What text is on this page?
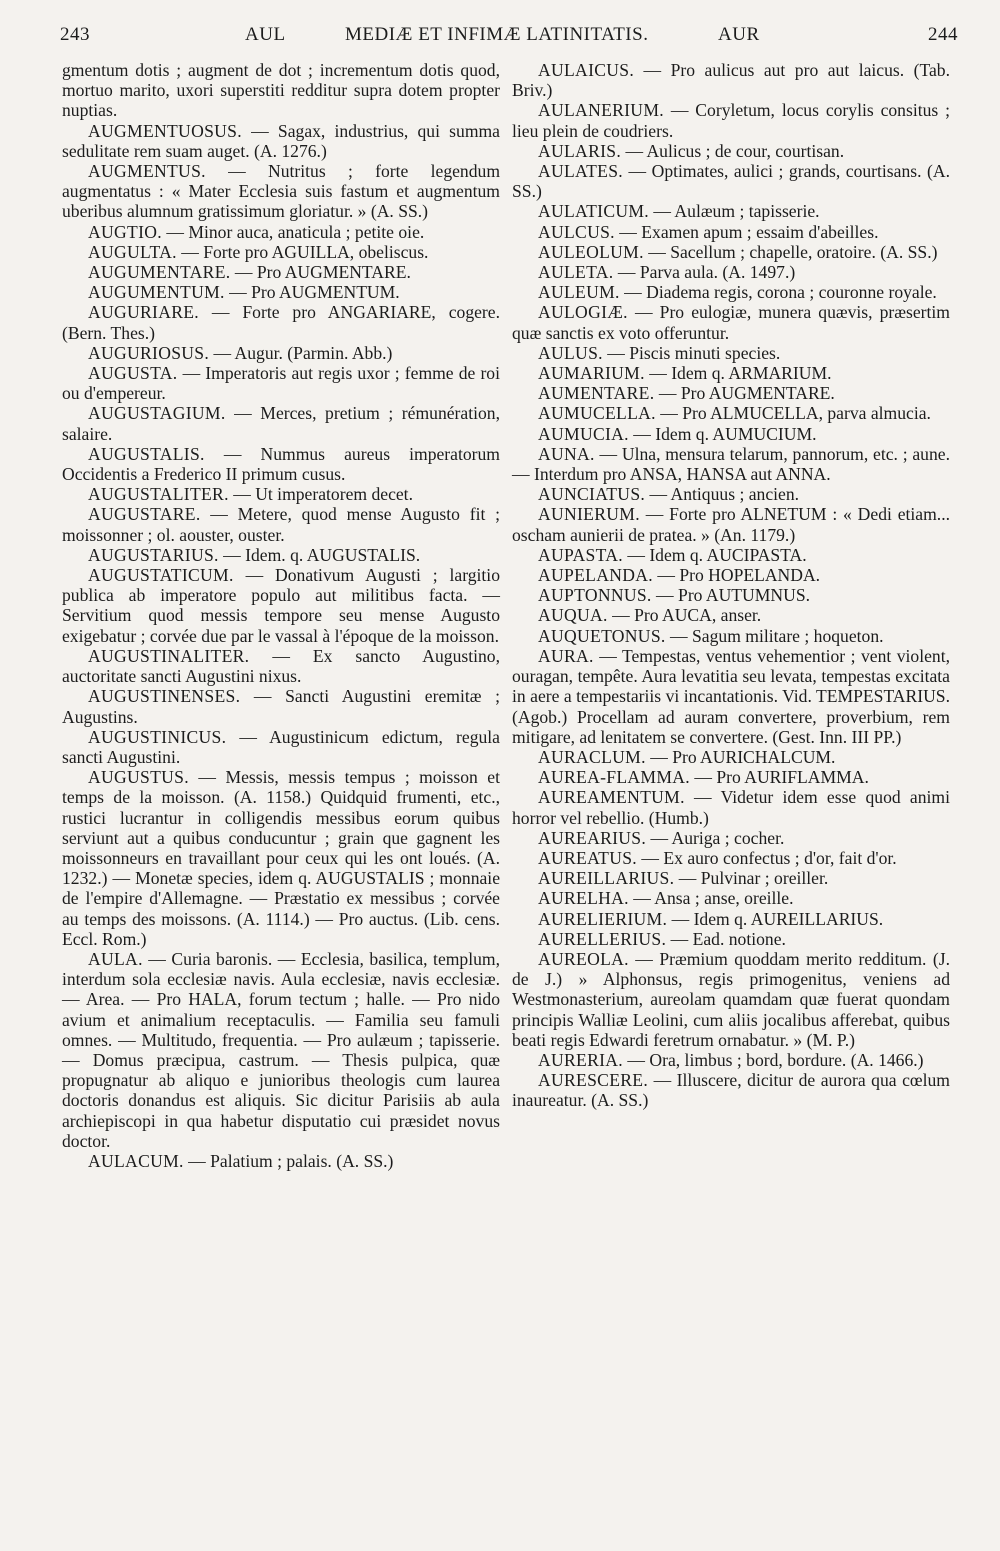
243	AUL	MEDIÆ ET INFIMÆ LATINITATIS.	AUR	244

gmentum dotis ; augment de dot ; incrementum dotis quod, mortuo marito, uxori superstiti redditur supra dotem propter nuptias.

AUGMENTUOSUS. — Sagax, industrius, qui summa sedulitate rem suam auget. (A. 1276.)

AUGMENTUS. — Nutritus ; forte legendum augmentatus : « Mater Ecclesia suis fastum et augmentum uberibus alumnum gratissimum gloriatur. » (A. SS.)

AUGTIO. — Minor auca, anaticula ; petite oie.

AUGULTA. — Forte pro AGUILLA, obeliscus.

AUGUMENTARE. — Pro AUGMENTARE.

AUGUMENTUM. — Pro AUGMENTUM.

AUGURIARE. — Forte pro ANGARIARE, cogere. (Bern. Thes.)

AUGURIOSUS. — Augur. (Parmin. Abb.)

AUGUSTA. — Imperatoris aut regis uxor ; femme de roi ou d'empereur.

AUGUSTAGIUM. — Merces, pretium ; rémunération, salaire.

AUGUSTALIS. — Nummus aureus imperatorum Occidentis a Frederico II primum cusus.

AUGUSTALITER. — Ut imperatorem decet.

AUGUSTARE. — Metere, quod mense Augusto fit ; moissonner ; ol. aouster, ouster.

AUGUSTARIUS. — Idem. q. AUGUSTALIS.

AUGUSTATICUM. — Donativum Augusti ; largitio publica ab imperatore populo aut militibus facta. — Servitium quod messis tempore seu mense Augusto exigebatur ; corvée due par le vassal à l'époque de la moisson.

AUGUSTINALITER. — Ex sancto Augustino, auctoritate sancti Augustini nixus.

AUGUSTINENSES. — Sancti Augustini eremitæ ; Augustins.

AUGUSTINICUS. — Augustinicum edictum, regula sancti Augustini.

AUGUSTUS. — Messis, messis tempus ; moisson et temps de la moisson. (A. 1158.) Quidquid frumenti, etc., rustici lucrantur in colligendis messibus eorum quibus serviunt aut a quibus conducuntur ; grain que gagnent les moissonneurs en travaillant pour ceux qui les ont loués. (A. 1232.) — Monetæ species, idem q. AUGUSTALIS ; monnaie de l'empire d'Allemagne. — Præstatio ex messibus ; corvée au temps des moissons. (A. 1114.) — Pro auctus. (Lib. cens. Eccl. Rom.)

AULA. — Curia baronis. — Ecclesia, basilica, templum, interdum sola ecclesiæ navis. Aula ecclesiæ, navis ecclesiæ. — Area. — Pro HALA, forum tectum ; halle. — Pro nido avium et animalium receptaculis. — Familia seu famuli omnes. — Multitudo, frequentia. — Pro aulæum ; tapisserie. — Domus præcipua, castrum. — Thesis pulpica, quæ propugnatur ab aliquo e junioribus theologis cum laurea doctoris donandus est aliquis. Sic dicitur Parisiis ab aula archiepiscopi in qua habetur disputatio cui præsidet novus doctor.

AULACUM. — Palatium ; palais. (A. SS.)

AULAICUS. — Pro aulicus aut pro aut laicus. (Tab. Briv.)

AULANERIUM. — Coryletum, locus corylis consitus ; lieu plein de coudriers.

AULARIS. — Aulicus ; de cour, courtisan.

AULATES. — Optimates, aulici ; grands, courtisans. (A. SS.)

AULATICUM. — Aulæum ; tapisserie.

AULCUS. — Examen apum ; essaim d'abeilles.

AULEOLUM. — Sacellum ; chapelle, oratoire. (A. SS.)

AULETA. — Parva aula. (A. 1497.)

AULEUM. — Diadema regis, corona ; couronne royale.

AULOGIÆ. — Pro eulogiæ, munera quævis, præsertim quæ sanctis ex voto offeruntur.

AULUS. — Piscis minuti species.

AUMARIUM. — Idem q. ARMARIUM.

AUMENTARE. — Pro AUGMENTARE.

AUMUCELLA. — Pro ALMUCELLA, parva almucia.

AUMUCIA. — Idem q. AUMUCIUM.

AUNA. — Ulna, mensura telarum, pannorum, etc. ; aune. — Interdum pro ANSA, HANSA aut ANNA.

AUNCIATUS. — Antiquus ; ancien.

AUNIERUM. — Forte pro ALNETUM : « Dedi etiam... oscham aunierii de pratea. » (An. 1179.)

AUPASTA. — Idem q. AUCIPASTA.

AUPELANDA. — Pro HOPELANDA.

AUPTONNUS. — Pro AUTUMNUS.

AUQUA. — Pro AUCA, anser.

AUQUETONUS. — Sagum militare ; hoqueton.

AURA. — Tempestas, ventus vehementior ; vent violent, ouragan, tempête. Aura levatitia seu levata, tempestas excitata in aere a tempestariis vi incantationis. Vid. TEMPESTARIUS. (Agob.) Procellam ad auram convertere, proverbium, rem mitigare, ad lenitatem se convertere. (Gest. Inn. III PP.)

AURACLUM. — Pro AURICHALCUM.

AUREA-FLAMMA. — Pro AURIFLAMMA.

AUREAMENTUM. — Videtur idem esse quod animi horror vel rebellio. (Humb.)

AUREARIUS. — Auriga ; cocher.

AUREATUS. — Ex auro confectus ; d'or, fait d'or.

AUREILLARIUS. — Pulvinar ; oreiller.

AURELHA. — Ansa ; anse, oreille.

AURELIERIUM. — Idem q. AUREILLARIUS.

AURELLERIUS. — Ead. notione.

AUREOLA. — Præmium quoddam merito redditum. (J. de J.) » Alphonsus, regis primogenitus, veniens ad Westmonasterium, aureolam quamdam quæ fuerat quondam principis Walliæ Leolini, cum aliis jocalibus afferebat, quibus beati regis Edwardi feretrum ornabatur. » (M. P.)

AURERIA. — Ora, limbus ; bord, bordure. (A. 1466.)

AURESCERE. — Illuscere, dicitur de aurora qua cœlum inaureatur. (A. SS.)
